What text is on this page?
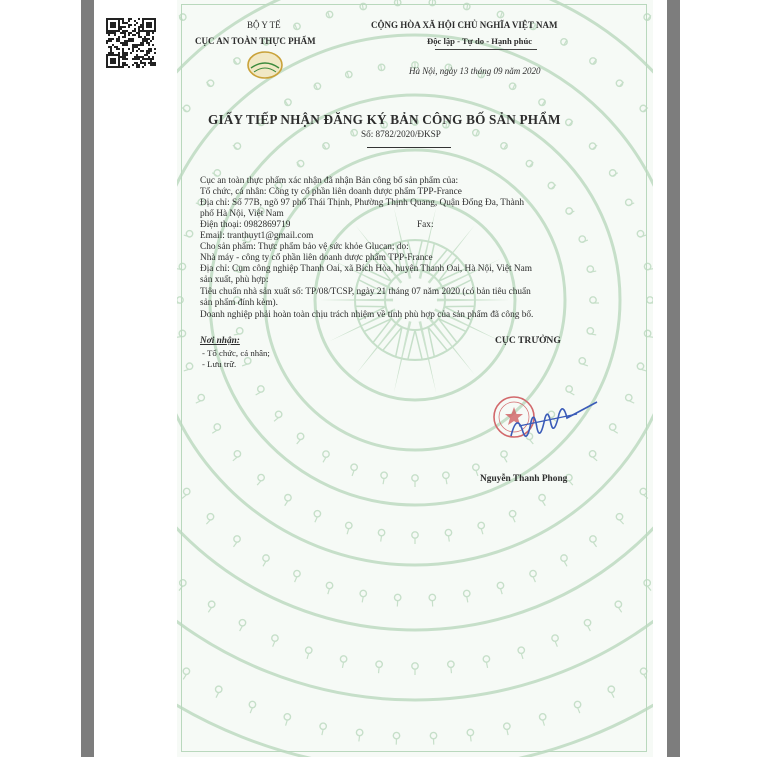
BỘ Y TẾ
CỤC AN TOÀN THỰC PHẨM
CỘNG HÒA XÃ HỘI CHỦ NGHĨA VIỆT NAM
Độc lập - Tự do - Hạnh phúc
Hà Nội, ngày 13 tháng 09 năm 2020
GIẤY TIẾP NHẬN ĐĂNG KÝ BẢN CÔNG BỐ SẢN PHẨM
Số: 8782/2020/ĐKSP
Cục an toàn thực phẩm xác nhận đã nhận Bản công bố sản phẩm của:
Tổ chức, cá nhân: Công ty cổ phần liên doanh dược phẩm TPP-France
Địa chỉ: Số 77B, ngõ 97 phố Thái Thịnh, Phường Thịnh Quang, Quận Đống Đa, Thành
phố Hà Nội, Việt Nam
Điện thoại: 0982869719	Fax:
Email: tranthuyt1@gmail.com
Cho sản phẩm: Thực phẩm bảo vệ sức khỏe Glucan; do:
Nhà máy - công ty cổ phần liên doanh dược phẩm TPP-France
Địa chỉ: Cụm công nghiệp Thanh Oai, xã Bích Hòa, huyện Thanh Oai, Hà Nội, Việt Nam
sản xuất, phù hợp:
Tiêu chuẩn nhà sản xuất số: TP/08/TCSP, ngày 21 tháng 07 năm 2020 (có bản tiêu chuẩn
sản phẩm đính kèm).
Doanh nghiệp phải hoàn toàn chịu trách nhiệm về tính phù hợp của sản phẩm đã công bố.
Nơi nhận:
- Tổ chức, cá nhân;
- Lưu trữ.
CỤC TRƯỞNG
Nguyễn Thanh Phong
